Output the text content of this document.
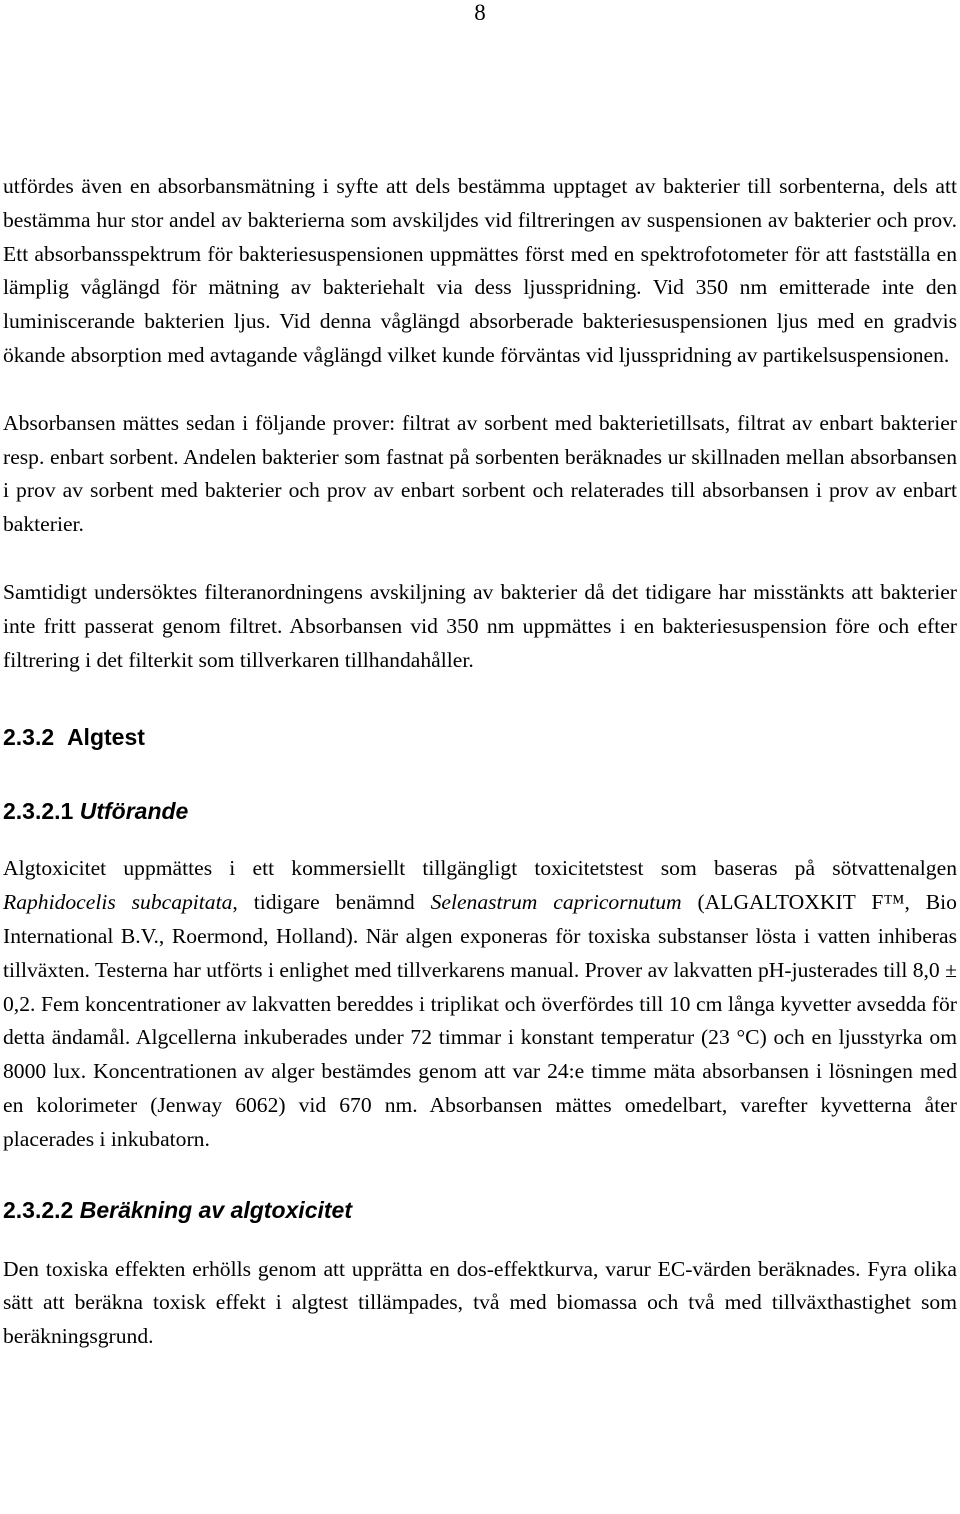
8

utfördes även en absorbansmätning i syfte att dels bestämma upptaget av bakterier till sorbenterna, dels att bestämma hur stor andel av bakterierna som avskiljdes vid filtreringen av suspensionen av bakterier och prov. Ett absorbansspektrum för bakteriesuspensionen uppmättes först med en spektrofotometer för att fastställa en lämplig våglängd för mätning av bakteriehalt via dess ljusspridning. Vid 350 nm emitterade inte den luminiscerande bakterien ljus. Vid denna våglängd absorberade bakteriesuspensionen ljus med en gradvis ökande absorption med avtagande våglängd vilket kunde förväntas vid ljusspridning av partikelsuspensionen.

Absorbansen mättes sedan i följande prover: filtrat av sorbent med bakterietillsats, filtrat av enbart bakterier resp. enbart sorbent. Andelen bakterier som fastnat på sorbenten beräknades ur skillnaden mellan absorbansen i prov av sorbent med bakterier och prov av enbart sorbent och relaterades till absorbansen i prov av enbart bakterier.

Samtidigt undersöktes filteranordningens avskiljning av bakterier då det tidigare har misstänkts att bakterier inte fritt passerat genom filtret. Absorbansen vid 350 nm uppmättes i en bakteriesuspension före och efter filtrering i det filterkit som tillverkaren tillhandahåller.

2.3.2 Algtest
2.3.2.1 Utförande

Algtoxicitet uppmättes i ett kommersiellt tillgängligt toxicitetstest som baseras på sötvattenalgen Raphidocelis subcapitata, tidigare benämnd Selenastrum capricornutum (ALGALTOXKIT F™, Bio International B.V., Roermond, Holland). När algen exponeras för toxiska substanser lösta i vatten inhiberas tillväxten. Testerna har utförts i enlighet med tillverkarens manual. Prover av lakvatten pH-justerades till 8,0 ± 0,2. Fem koncentrationer av lakvatten bereddes i triplikat och överfördes till 10 cm långa kyvetter avsedda för detta ändamål. Algcellerna inkuberades under 72 timmar i konstant temperatur (23 °C) och en ljusstyrka om 8000 lux. Koncentrationen av alger bestämdes genom att var 24:e timme mäta absorbansen i lösningen med en kolorimeter (Jenway 6062) vid 670 nm. Absorbansen mättes omedelbart, varefter kyvetterna åter placerades i inkubatorn.

2.3.2.2 Beräkning av algtoxicitet

Den toxiska effekten erhölls genom att upprätta en dos-effektkurva, varur EC-värden beräknades. Fyra olika sätt att beräkna toxisk effekt i algtest tillämpades, två med biomassa och två med tillväxthastighet som beräkningsgrund.
